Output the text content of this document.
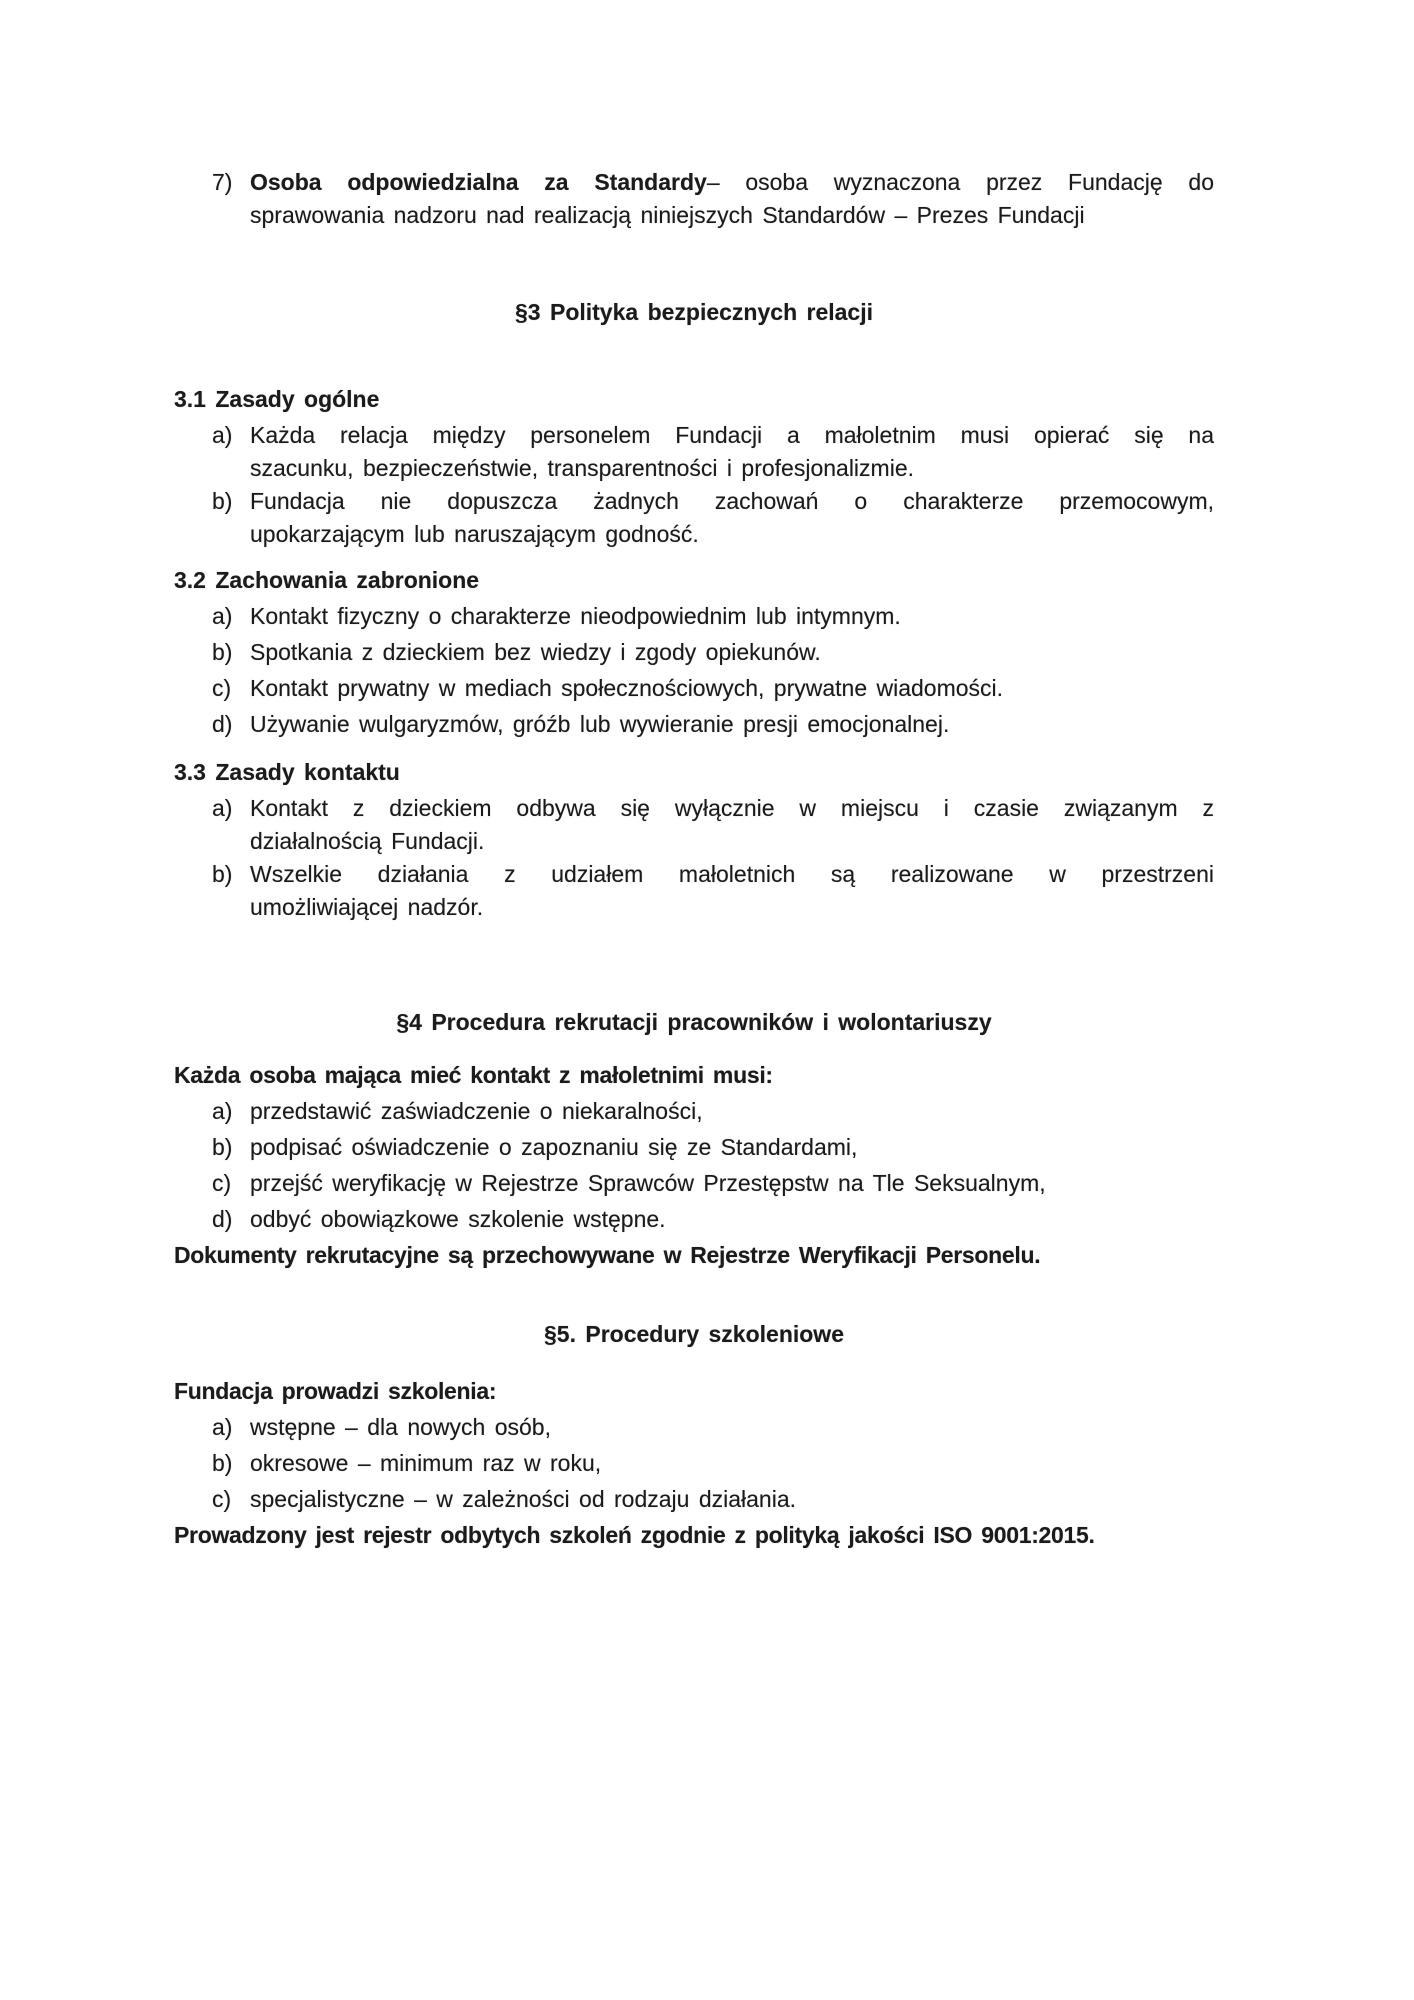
7) Osoba odpowiedzialna za Standardy– osoba wyznaczona przez Fundację do
sprawowania nadzoru nad realizacją niniejszych Standardów – Prezes Fundacji

§3 Polityka bezpiecznych relacji

3.1 Zasady ogólne

a) Każda relacja między personelem Fundacji a małoletnim musi opierać się na
szacunku, bezpieczeństwie, transparentności i profesjonalizmie.
b) Fundacja nie dopuszcza żadnych zachowań o charakterze przemocowym,
upokarzającym lub naruszającym godność.

3.2 Zachowania zabronione

a) Kontakt fizyczny o charakterze nieodpowiednim lub intymnym.
b) Spotkania z dzieckiem bez wiedzy i zgody opiekunów.
c) Kontakt prywatny w mediach społecznościowych, prywatne wiadomości.
d) Używanie wulgaryzmów, gróźb lub wywieranie presji emocjonalnej.

3.3 Zasady kontaktu

a) Kontakt z dzieckiem odbywa się wyłącznie w miejscu i czasie związanym z
działalnością Fundacji.
b) Wszelkie działania z udziałem małoletnich są realizowane w przestrzeni
umożliwiającej nadzór.

§4 Procedura rekrutacji pracowników i wolontariuszy

Każda osoba mająca mieć kontakt z małoletnimi musi:

a) przedstawić zaświadczenie o niekaralności,
b) podpisać oświadczenie o zapoznaniu się ze Standardami,
c) przejść weryfikację w Rejestrze Sprawców Przestępstw na Tle Seksualnym,
d) odbyć obowiązkowe szkolenie wstępne.

Dokumenty rekrutacyjne są przechowywane w Rejestrze Weryfikacji Personelu.

§5. Procedury szkoleniowe

Fundacja prowadzi szkolenia:

a) wstępne – dla nowych osób,
b) okresowe – minimum raz w roku,
c) specjalistyczne – w zależności od rodzaju działania.

Prowadzony jest rejestr odbytych szkoleń zgodnie z polityką jakości ISO 9001:2015.
